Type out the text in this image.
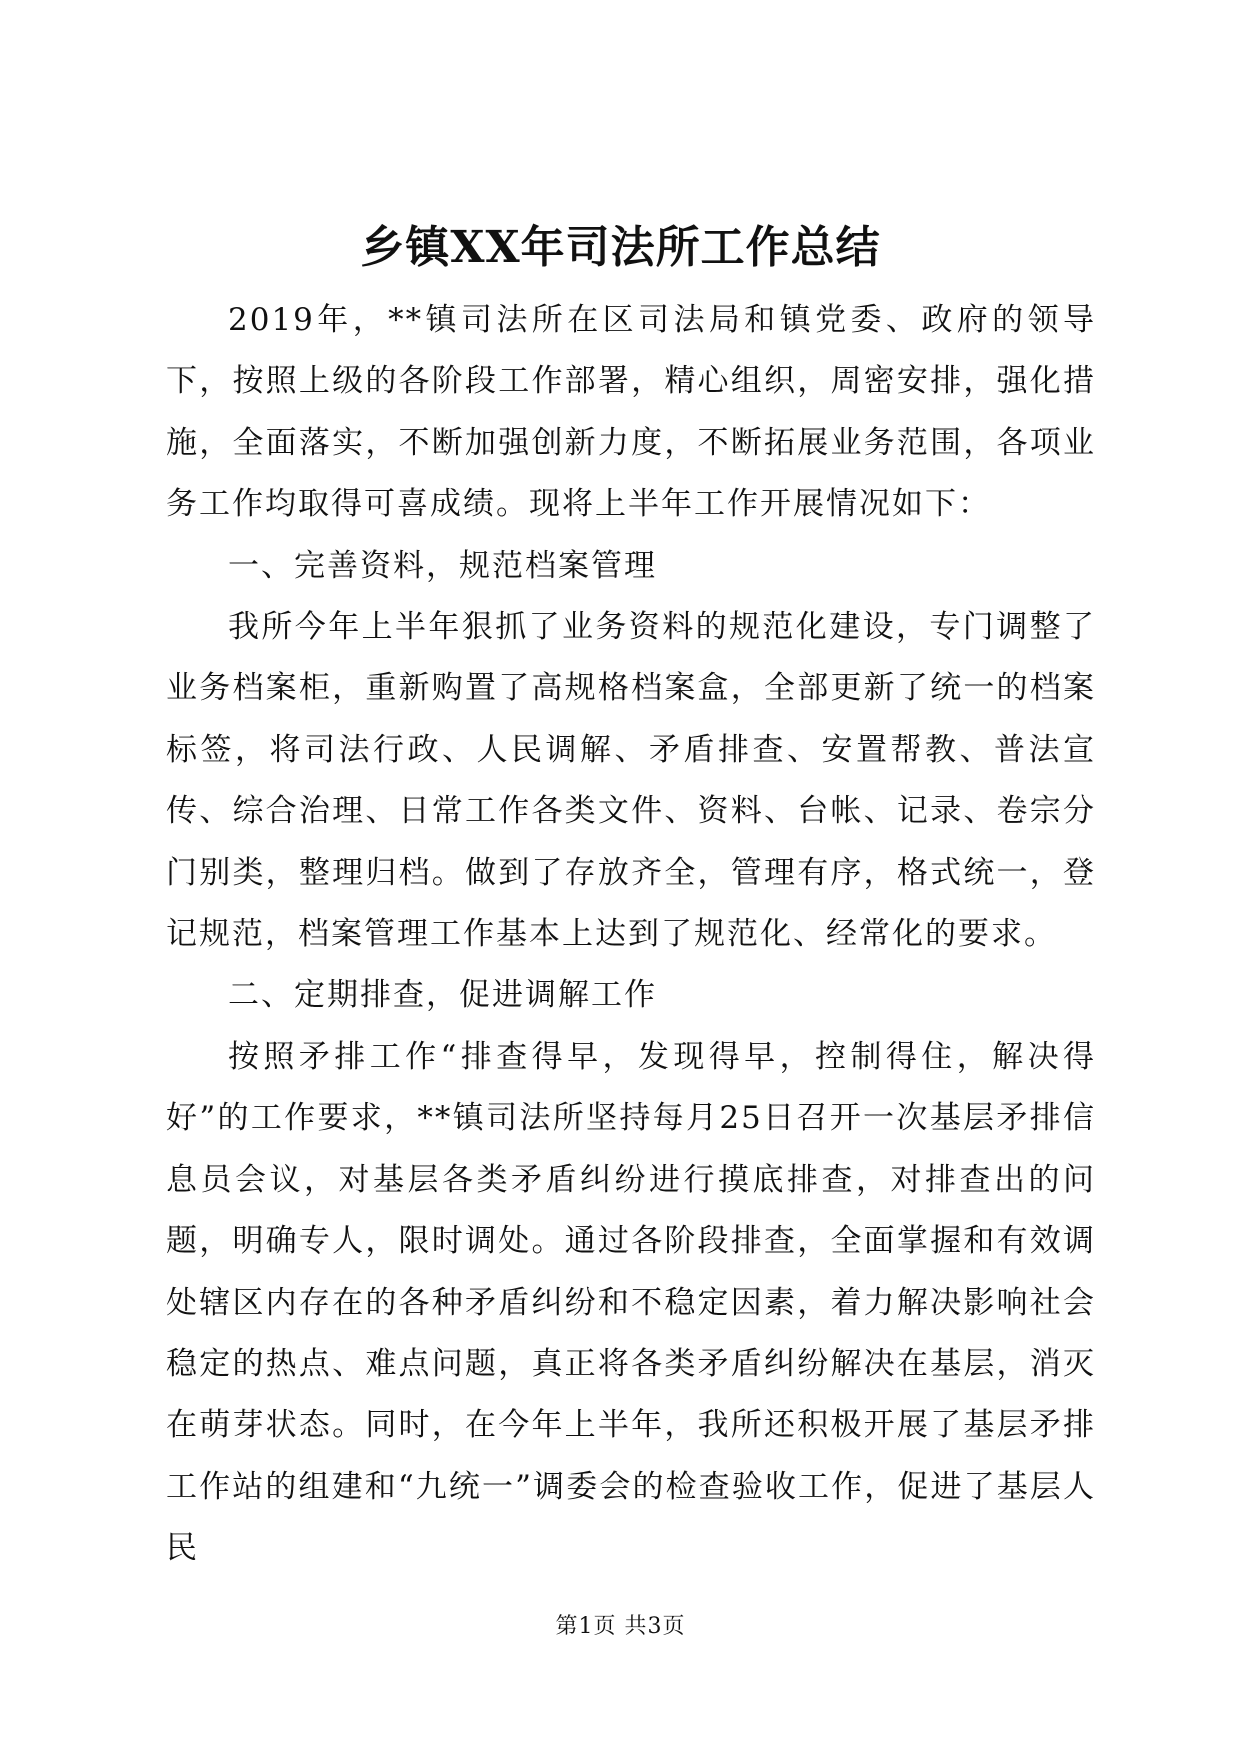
乡镇XX年司法所工作总结

2019年，**镇司法所在区司法局和镇党委、政府的领导下，按照上级的各阶段工作部署，精心组织，周密安排，强化措施，全面落实，不断加强创新力度，不断拓展业务范围，各项业务工作均取得可喜成绩。现将上半年工作开展情况如下：

一、完善资料，规范档案管理

我所今年上半年狠抓了业务资料的规范化建设，专门调整了业务档案柜，重新购置了高规格档案盒，全部更新了统一的档案标签，将司法行政、人民调解、矛盾排查、安置帮教、普法宣传、综合治理、日常工作各类文件、资料、台帐、记录、卷宗分门别类，整理归档。做到了存放齐全，管理有序，格式统一，登记规范，档案管理工作基本上达到了规范化、经常化的要求。

二、定期排查，促进调解工作

按照矛排工作“排查得早，发现得早，控制得住，解决得好”的工作要求，**镇司法所坚持每月25日召开一次基层矛排信息员会议，对基层各类矛盾纠纷进行摸底排查，对排查出的问题，明确专人，限时调处。通过各阶段排查，全面掌握和有效调处辖区内存在的各种矛盾纠纷和不稳定因素，着力解决影响社会稳定的热点、难点问题，真正将各类矛盾纠纷解决在基层，消灭在萌芽状态。同时，在今年上半年，我所还积极开展了基层矛排工作站的组建和“九统一”调委会的检查验收工作，促进了基层人民

第1页 共3页
